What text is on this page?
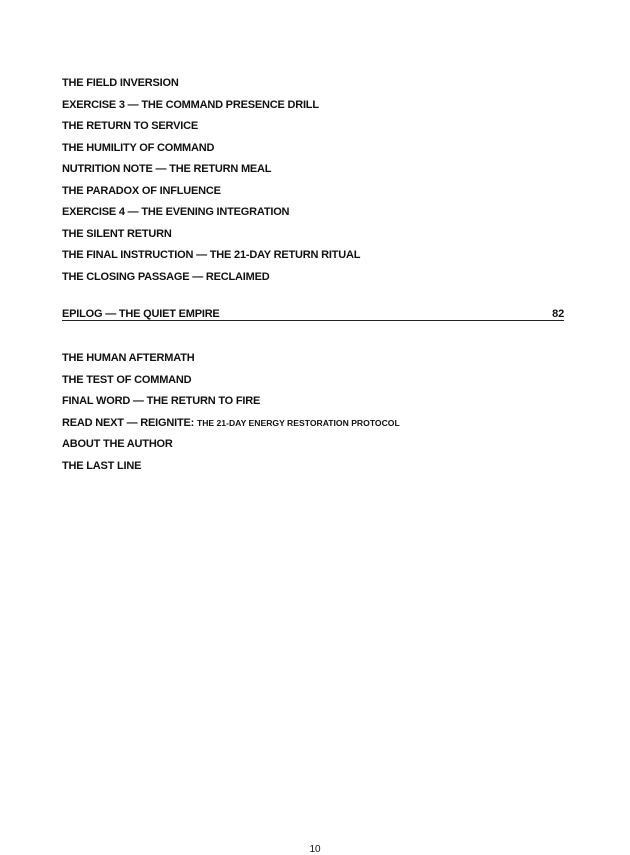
THE FIELD INVERSION
EXERCISE 3 — THE COMMAND PRESENCE DRILL
THE RETURN TO SERVICE
THE HUMILITY OF COMMAND
NUTRITION NOTE — THE RETURN MEAL
THE PARADOX OF INFLUENCE
EXERCISE 4 — THE EVENING INTEGRATION
THE SILENT RETURN
THE FINAL INSTRUCTION — THE 21-DAY RETURN RITUAL
THE CLOSING PASSAGE — RECLAIMED
EPILOG — THE QUIET EMPIRE	82
THE HUMAN AFTERMATH
THE TEST OF COMMAND
FINAL WORD — THE RETURN TO FIRE
READ NEXT — REIGNITE: THE 21-DAY ENERGY RESTORATION PROTOCOL
ABOUT THE AUTHOR
THE LAST LINE
10
